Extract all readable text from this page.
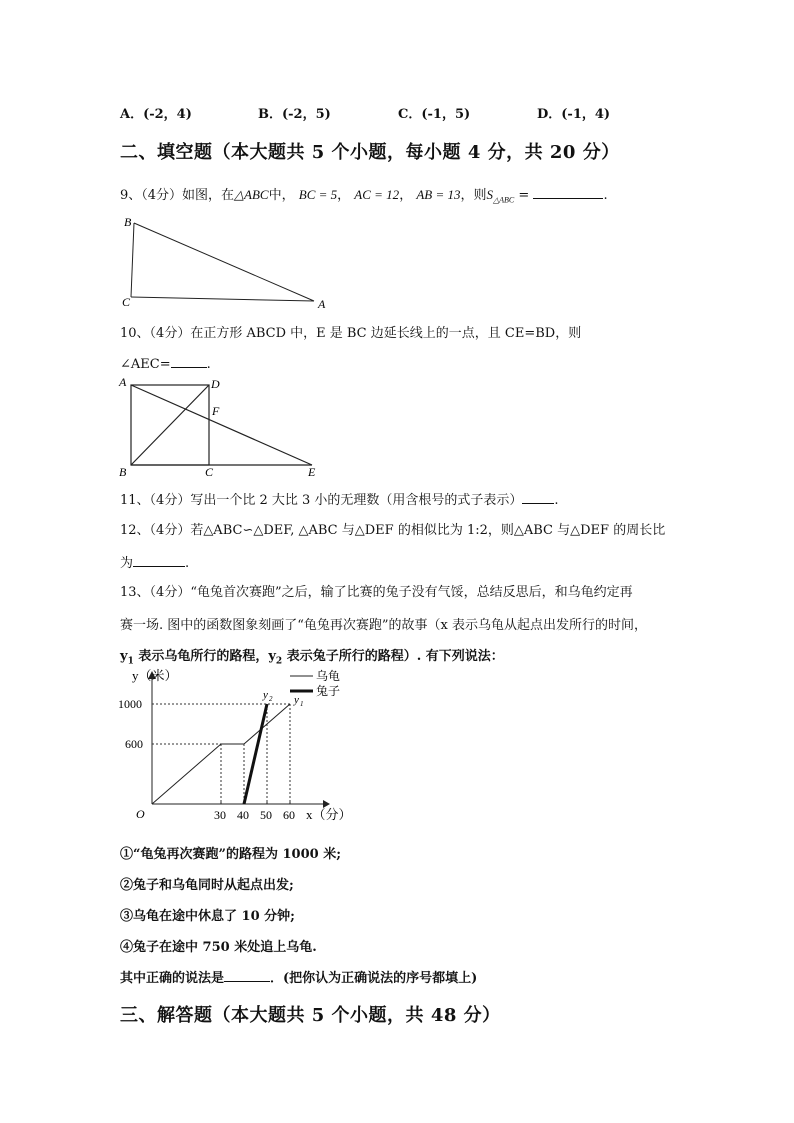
A．(-2，4)	B．(-2，5)	C．(-1，5)	D．(-1，4)
二、填空题（本大题共 5 个小题，每小题 4 分，共 20 分）
9、（4分）如图，在△ABC中， BC = 5， AC = 12， AB = 13，则$S_{\triangle ABC}$ =	.
B
C	A
10、（4分）在正方形 ABCD 中，E 是 BC 边延长线上的一点，且 CE=BD，则
∠AEC=	.
A	D
F
B	C	E
11、（4分）写出一个比 2 大比 3 小的无理数（用含根号的式子表示） .
12、（4分）若△ABC∽△DEF, △ABC 与△DEF 的相似比为 1:2，则△ABC 与△DEF 的周长比
为	.
13、（4分）“龟兔首次赛跑”之后，输了比赛的兔子没有气馁，总结反思后，和乌龟约定再
赛一场. 图中的函数图象刻画了“龟兔再次赛跑”的故事（x 表示乌龟从起点出发所行的时间，
$y_1$ 表示乌龟所行的路程，$y_2$ 表示兔子所行的路程）. 有下列说法：
y（米）
x（分）
O
乌龟
兔子
30 40 50 60
600
1000
y 2 y 1
①“龟兔再次赛跑”的路程为 1000 米;
②兔子和乌龟同时从起点出发;
③乌龟在途中休息了 10 分钟;
④兔子在途中 750 米处追上乌龟.
其中正确的说法是	．(把你认为正确说法的序号都填上)
三、解答题（本大题共 5 个小题，共 48 分）
